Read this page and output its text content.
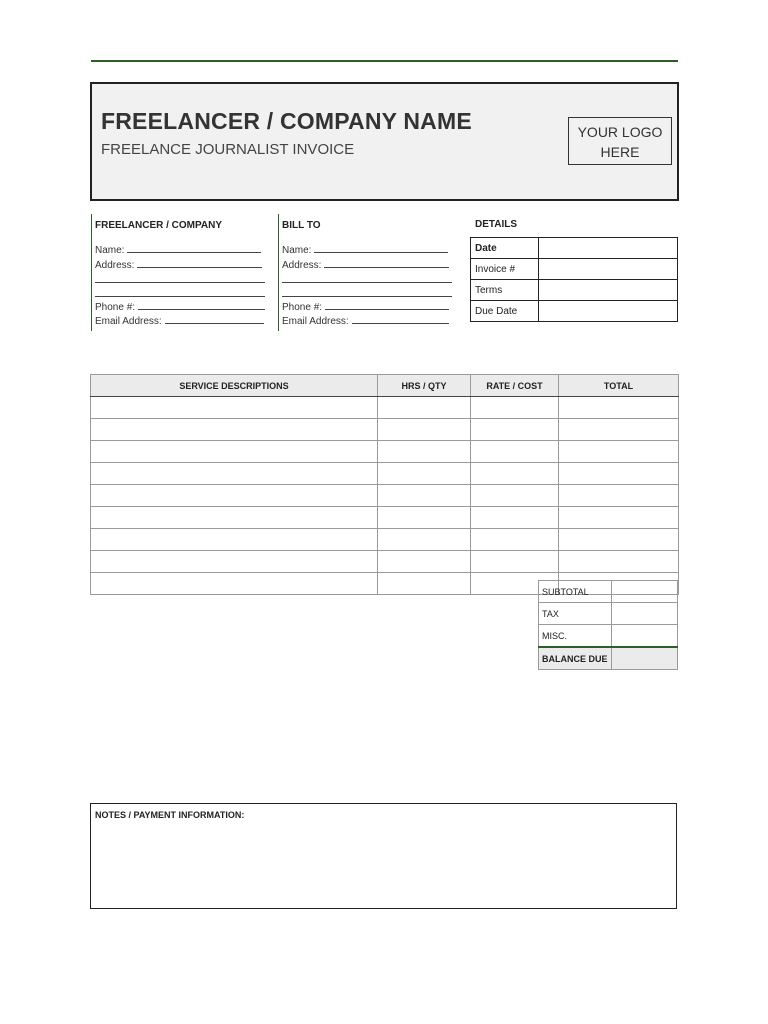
FREELANCER / COMPANY NAME
FREELANCE JOURNALIST INVOICE
YOUR LOGO HERE
FREELANCER / COMPANY
Name:
Address:
Phone #:
Email Address:
BILL TO
Name:
Address:
Phone #:
Email Address:
DETAILS
Date	
Invoice #	
Terms	
Due Date	
SERVICE DESCRIPTIONS	HRS / QTY	RATE / COST	TOTAL

SUBTOTAL	
TAX	
MISC.	
BALANCE DUE	
NOTES / PAYMENT INFORMATION:
